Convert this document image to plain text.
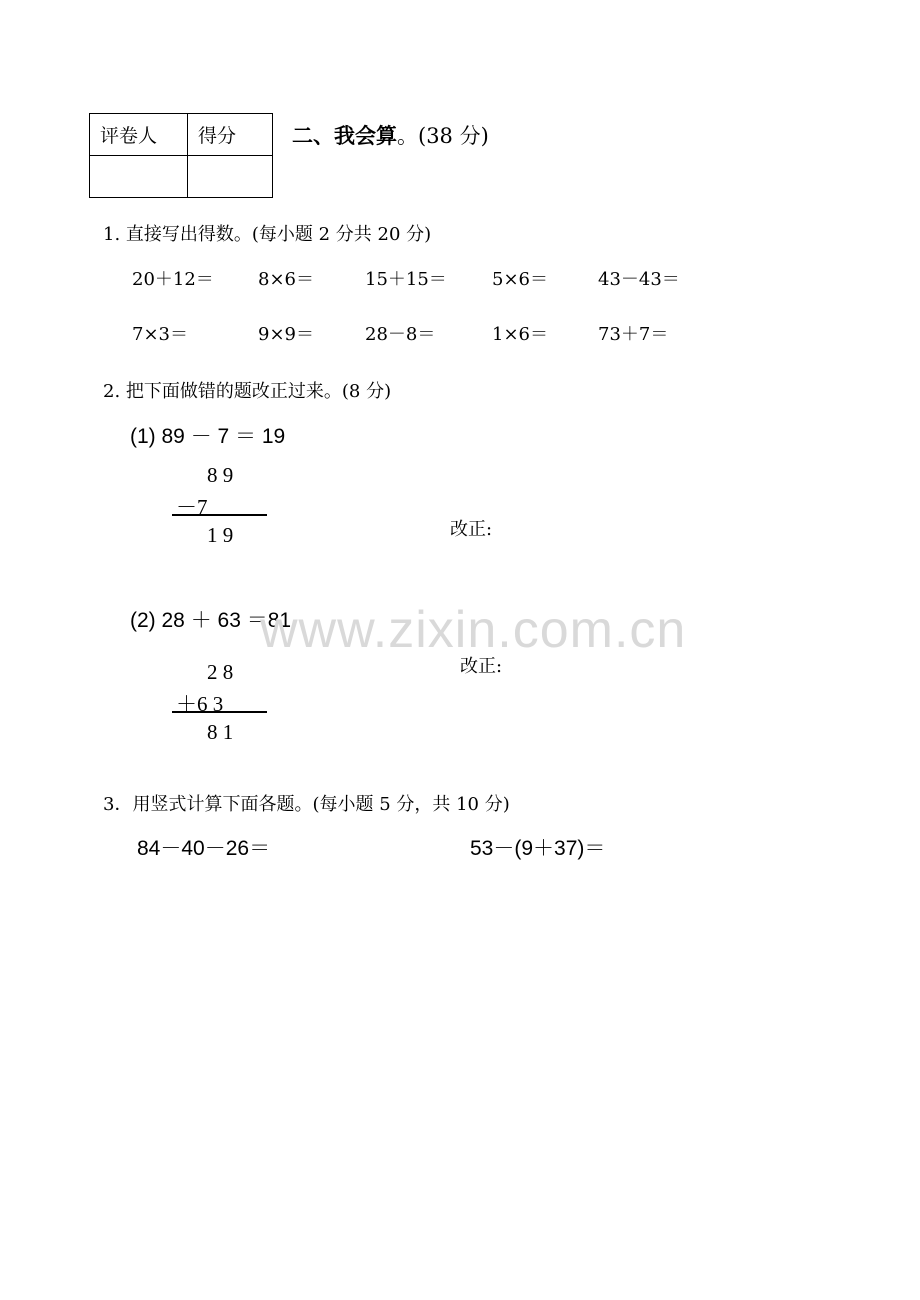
评卷人	得分
		二、我会算。(38 分)
1. 直接写出得数。(每小题 2 分共 20 分)
20＋12＝ 8×6＝	15＋15＝	5×6＝	43－43＝
7×3＝	9×9＝	28－8＝	1×6＝	73＋7＝
2. 把下面做错的题改正过来。(8 分)
(1) 89 － 7 ＝ 19
8 9
－7
1 9	改正:
(2) 28 ＋ 63 ＝81
2 8
＋6 3
8 1
改正:
www.zixin.com.cn
3．用竖式计算下面各题。(每小题 5 分，共 10 分)
84－40－26＝	53－(9＋37)＝
